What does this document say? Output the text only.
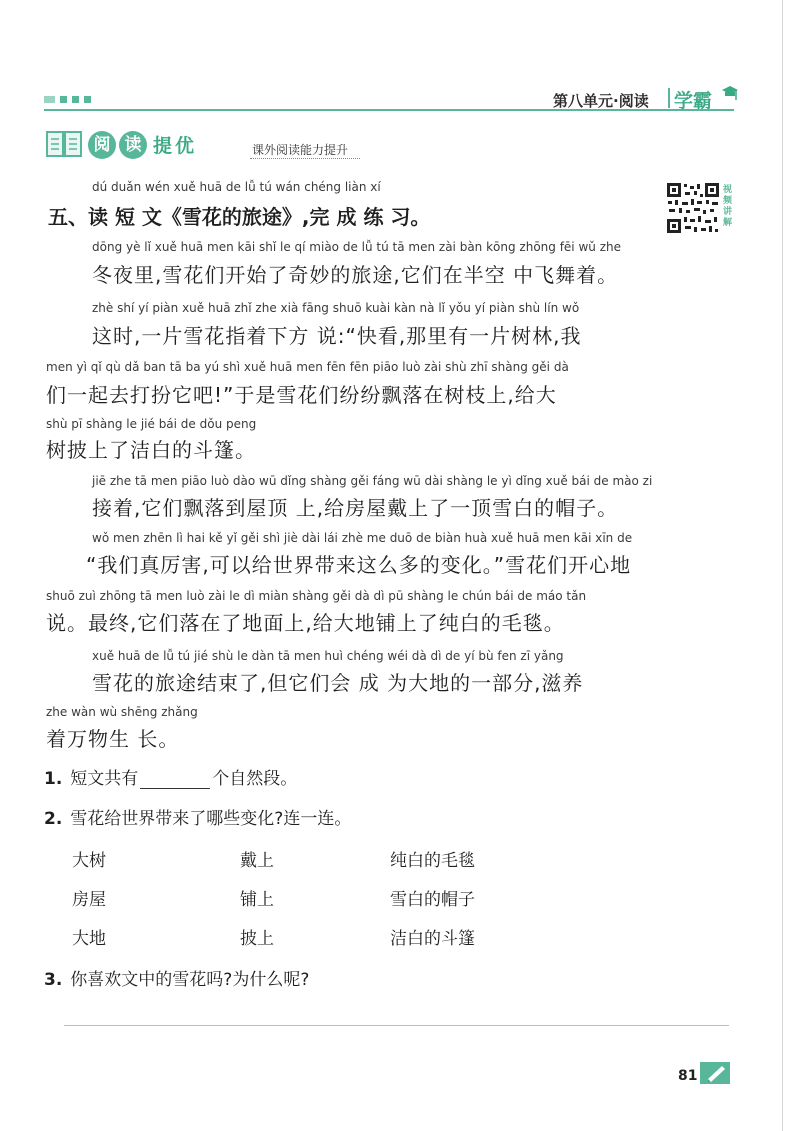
第八单元·阅读 学霸
阅 读 提优	课外阅读能力提升
视频讲解
dú duǎn wén xuě huā de lǚ tú wán chéng liàn xí
五、读 短 文《雪花的旅途》,完 成 练 习。
dōng yè lǐ xuě huā men kāi shǐ le qí miào de lǚ tú tā men zài bàn kōng zhōng fēi wǔ zhe
冬夜里,雪花们开始了奇妙的旅途,它们在半空 中飞舞着。
zhè shí yí piàn xuě huā zhǐ zhe xià fāng shuō kuài kàn nà lǐ yǒu yí piàn shù lín wǒ
这时,一片雪花指着下方 说:“快看,那里有一片树林,我
men yì qǐ qù dǎ ban tā ba yú shì xuě huā men fēn fēn piāo luò zài shù zhī shàng gěi dà
们一起去打扮它吧!”于是雪花们纷纷飘落在树枝上,给大
shù pī shàng le jié bái de dǒu peng
树披上了洁白的斗篷。
jiē zhe tā men piāo luò dào wū dǐng shàng gěi fáng wū dài shàng le yì dǐng xuě bái de mào zi
接着,它们飘落到屋顶 上,给房屋戴上了一顶雪白的帽子。
wǒ men zhēn lì hai kě yǐ gěi shì jiè dài lái zhè me duō de biàn huà xuě huā men kāi xīn de
“我们真厉害,可以给世界带来这么多的变化。”雪花们开心地
shuō zuì zhōng tā men luò zài le dì miàn shàng gěi dà dì pū shàng le chún bái de máo tǎn
说。最终,它们落在了地面上,给大地铺上了纯白的毛毯。
xuě huā de lǚ tú jié shù le dàn tā men huì chéng wéi dà dì de yí bù fen zī yǎng
雪花的旅途结束了,但它们会 成 为大地的一部分,滋养
zhe wàn wù shēng zhǎng
着万物生 长。
1. 短文共有	个自然段。
2. 雪花给世界带来了哪些变化?连一连。
大树	戴上	纯白的毛毯
房屋	铺上	雪白的帽子
大地	披上	洁白的斗篷
3. 你喜欢文中的雪花吗?为什么呢?
81
